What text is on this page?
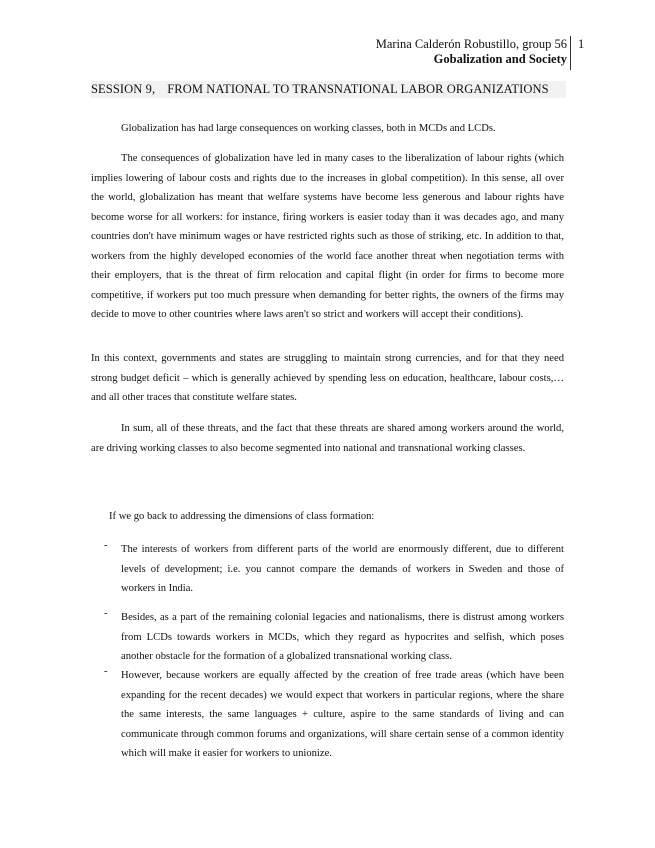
Marina Calderón Robustillo, group 56
Gobalization and Society
1
SESSION 9, FROM NATIONAL TO TRANSNATIONAL LABOR ORGANIZATIONS

Globalization has had large consequences on working classes, both in MCDs and LCDs.

The consequences of globalization have led in many cases to the liberalization of labour rights (which implies lowering of labour costs and rights due to the increases in global competition). In this sense, all over the world, globalization has meant that welfare systems have become less generous and labour rights have become worse for all workers: for instance, firing workers is easier today than it was decades ago, and many countries don't have minimum wages or have restricted rights such as those of striking, etc. In addition to that, workers from the highly developed economies of the world face another threat when negotiation terms with their employers, that is the threat of firm relocation and capital flight (in order for firms to become more competitive, if workers put too much pressure when demanding for better rights, the owners of the firms may decide to move to other countries where laws aren't so strict and workers will accept their conditions).

In this context, governments and states are struggling to maintain strong currencies, and for that they need strong budget deficit – which is generally achieved by spending less on education, healthcare, labour costs,…and all other traces that constitute welfare states.

In sum, all of these threats, and the fact that these threats are shared among workers around the world, are driving working classes to also become segmented into national and transnational working classes.

If we go back to addressing the dimensions of class formation:

- The interests of workers from different parts of the world are enormously different, due to different levels of development; i.e. you cannot compare the demands of workers in Sweden and those of workers in India.

- Besides, as a part of the remaining colonial legacies and nationalisms, there is distrust among workers from LCDs towards workers in MCDs, which they regard as hypocrites and selfish, which poses another obstacle for the formation of a globalized transnational working class.

- However, because workers are equally affected by the creation of free trade areas (which have been expanding for the recent decades) we would expect that workers in particular regions, where the share the same interests, the same languages + culture, aspire to the same standards of living and can communicate through common forums and organizations, will share certain sense of a common identity which will make it easier for workers to unionize.
